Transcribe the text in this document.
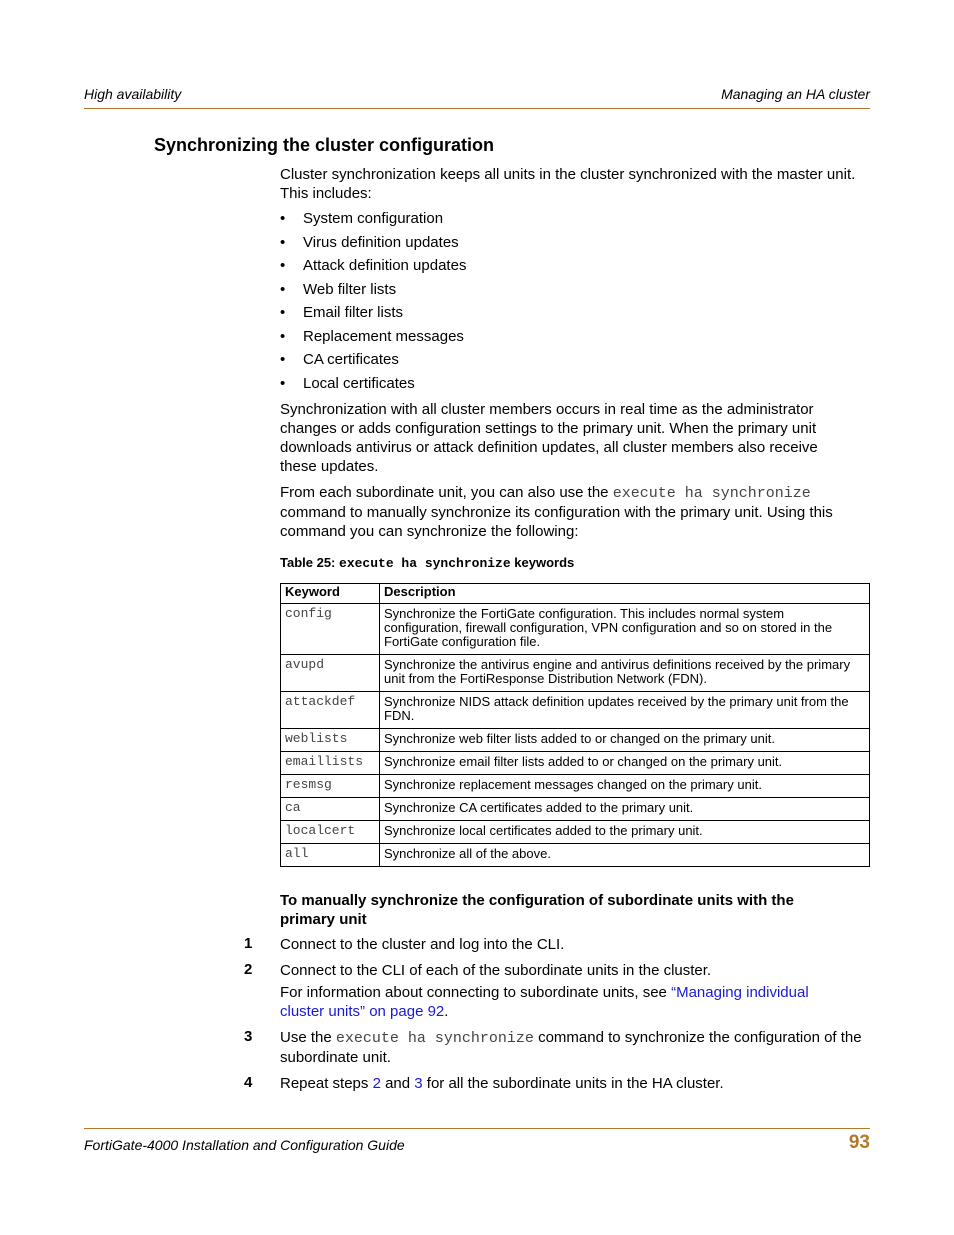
High availability	Managing an HA cluster
Synchronizing the cluster configuration
Cluster synchronization keeps all units in the cluster synchronized with the master unit. This includes:
• System configuration
• Virus definition updates
• Attack definition updates
• Web filter lists
• Email filter lists
• Replacement messages
• CA certificates
• Local certificates
Synchronization with all cluster members occurs in real time as the administrator changes or adds configuration settings to the primary unit. When the primary unit downloads antivirus or attack definition updates, all cluster members also receive these updates.
From each subordinate unit, you can also use the execute ha synchronize command to manually synchronize its configuration with the primary unit. Using this command you can synchronize the following:
Table 25: execute ha synchronize keywords
Keyword	Description
config	Synchronize the FortiGate configuration. This includes normal system configuration, firewall configuration, VPN configuration and so on stored in the FortiGate configuration file.
avupd	Synchronize the antivirus engine and antivirus definitions received by the primary unit from the FortiResponse Distribution Network (FDN).
attackdef	Synchronize NIDS attack definition updates received by the primary unit from the FDN.
weblists	Synchronize web filter lists added to or changed on the primary unit.
emaillists	Synchronize email filter lists added to or changed on the primary unit.
resmsg	Synchronize replacement messages changed on the primary unit.
ca	Synchronize CA certificates added to the primary unit.
localcert	Synchronize local certificates added to the primary unit.
all	Synchronize all of the above.
To manually synchronize the configuration of subordinate units with the primary unit
1 Connect to the cluster and log into the CLI.
2 Connect to the CLI of each of the subordinate units in the cluster.
For information about connecting to subordinate units, see “Managing individual cluster units” on page 92.
3 Use the execute ha synchronize command to synchronize the configuration of the subordinate unit.
4 Repeat steps 2 and 3 for all the subordinate units in the HA cluster.
FortiGate-4000 Installation and Configuration Guide	93
